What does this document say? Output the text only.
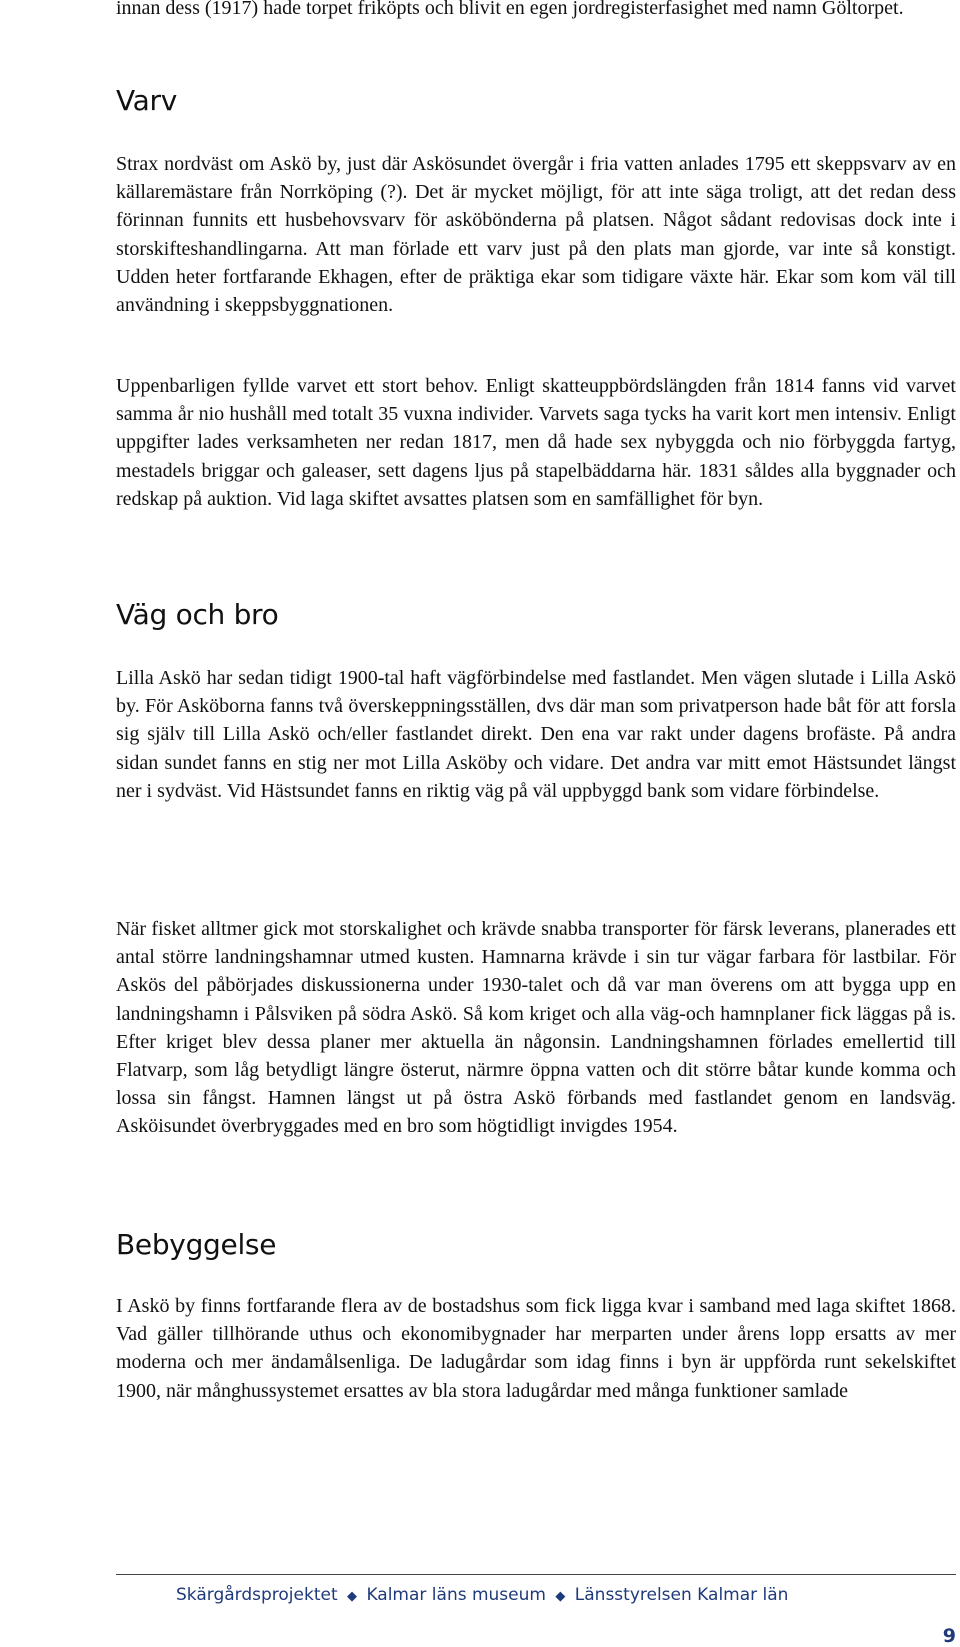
innan dess (1917) hade torpet friköpts och blivit en egen jordregisterfasighet med namn Göltorpet.

Varv

Strax nordväst om Askö by, just där Askösundet övergår i fria vatten anlades 1795 ett skeppsvarv av en källaremästare från Norrköping (?). Det är mycket möjligt, för att inte säga troligt, att det redan dess förinnan funnits ett husbehovsvarv för asköbönderna på platsen. Något sådant redovisas dock inte i storskifteshandlingarna. Att man förlade ett varv just på den plats man gjorde, var inte så konstigt. Udden heter fortfarande Ekhagen, efter de präktiga ekar som tidigare växte här. Ekar som kom väl till användning i skeppsbyggnationen.

Uppenbarligen fyllde varvet ett stort behov. Enligt skatteuppbördslängden från 1814 fanns vid varvet samma år nio hushåll med totalt 35 vuxna individer. Varvets saga tycks ha varit kort men intensiv. Enligt uppgifter lades verksamheten ner redan 1817, men då hade sex nybyggda och nio förbyggda fartyg, mestadels briggar och galeaser, sett dagens ljus på stapelbäddarna här. 1831 såldes alla byggnader och redskap på auktion. Vid laga skiftet avsattes platsen som en samfällighet för byn.

Väg och bro

Lilla Askö har sedan tidigt 1900-tal haft vägförbindelse med fastlandet. Men vägen slutade i Lilla Askö by. För Asköborna fanns två överskeppningsställen, dvs där man som privatperson hade båt för att forsla sig själv till Lilla Askö och/eller fastlandet direkt. Den ena var rakt under dagens brofäste. På andra sidan sundet fanns en stig ner mot Lilla Asköby och vidare. Det andra var mitt emot Hästsundet längst ner i sydväst. Vid Hästsundet fanns en riktig väg på väl uppbyggd bank som vidare förbindelse.

När fisket alltmer gick mot storskalighet och krävde snabba transporter för färsk leverans, planerades ett antal större landningshamnar utmed kusten. Hamnarna krävde i sin tur vägar farbara för lastbilar. För Askös del påbörjades diskussionerna under 1930-talet och då var man överens om att bygga upp en landningshamn i Pålsviken på södra Askö. Så kom kriget och alla väg-och hamnplaner fick läggas på is. Efter kriget blev dessa planer mer aktuella än någonsin. Landningshamnen förlades emellertid till Flatvarp, som låg betydligt längre österut, närmre öppna vatten och dit större båtar kunde komma och lossa sin fångst. Hamnen längst ut på östra Askö förbands med fastlandet genom en landsväg. Asköisundet överbryggades med en bro som högtidligt invigdes 1954.

Bebyggelse

I Askö by finns fortfarande flera av de bostadshus som fick ligga kvar i samband med laga skiftet 1868. Vad gäller tillhörande uthus och ekonomibygnader har merparten under årens lopp ersatts av mer moderna och mer ändamålsenliga. De ladugårdar som idag finns i byn är uppförda runt sekelskiftet 1900, när månghussystemet ersattes av bla stora ladugårdar med många funktioner samlade

Skärgårdsprojektet ◆ Kalmar läns museum ◆ Länsstyrelsen Kalmar län
9
